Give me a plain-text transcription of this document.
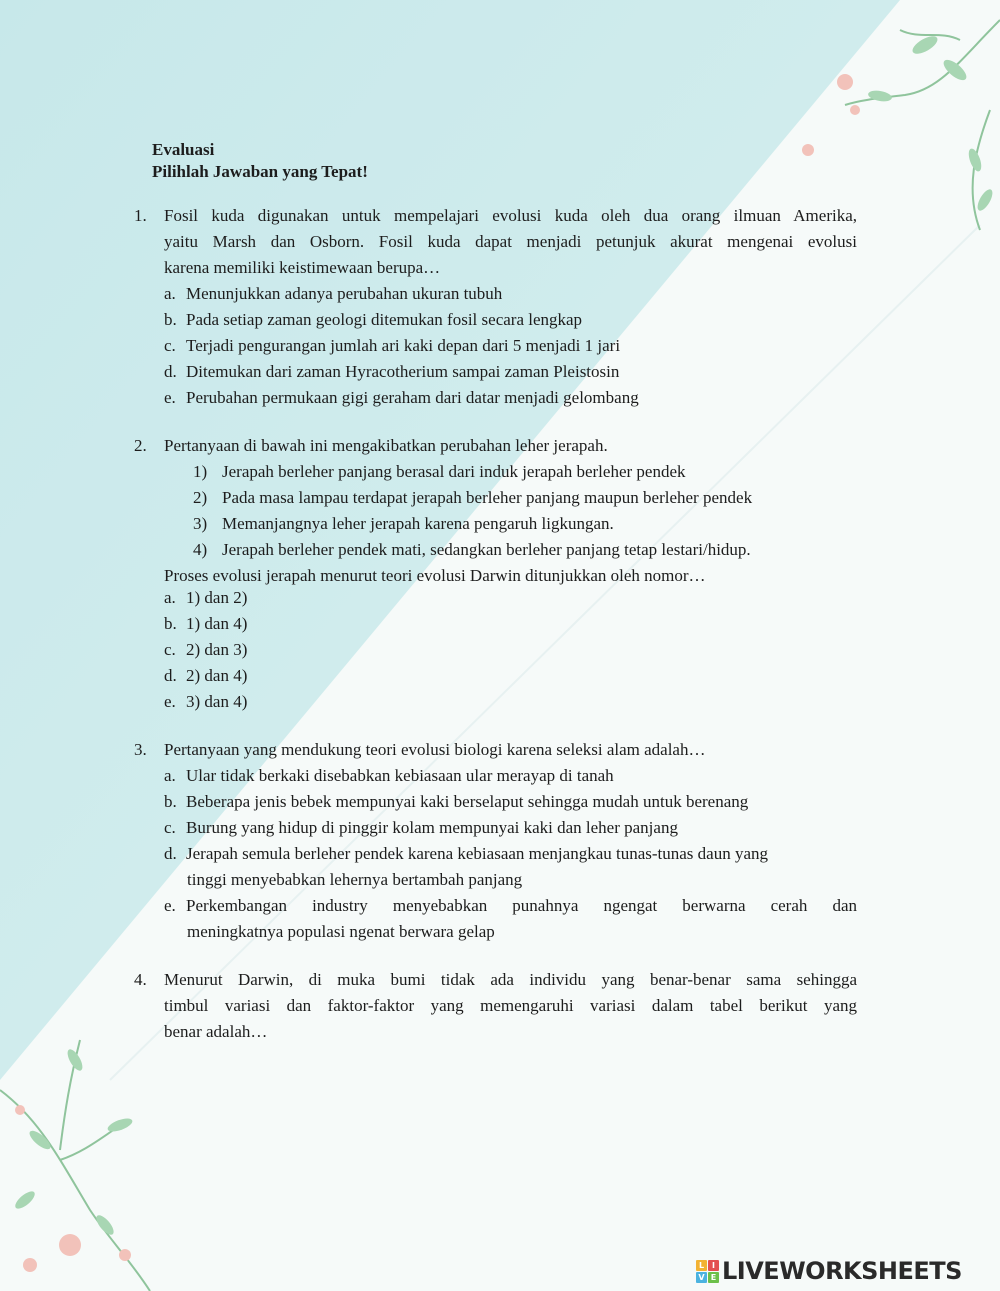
Evaluasi
Pilihlah Jawaban yang Tepat!
1. Fosil kuda digunakan untuk mempelajari evolusi kuda oleh dua orang ilmuan Amerika,
yaitu Marsh dan Osborn. Fosil kuda dapat menjadi petunjuk akurat mengenai evolusi
karena memiliki keistimewaan berupa…
a. Menunjukkan adanya perubahan ukuran tubuh
b. Pada setiap zaman geologi ditemukan fosil secara lengkap
c. Terjadi pengurangan jumlah ari kaki depan dari 5 menjadi 1 jari
d. Ditemukan dari zaman Hyracotherium sampai zaman Pleistosin
e. Perubahan permukaan gigi geraham dari datar menjadi gelombang
2. Pertanyaan di bawah ini mengakibatkan perubahan leher jerapah.
1) Jerapah berleher panjang berasal dari induk jerapah berleher pendek
2) Pada masa lampau terdapat jerapah berleher panjang maupun berleher pendek
3) Memanjangnya leher jerapah karena pengaruh ligkungan.
4) Jerapah berleher pendek mati, sedangkan berleher panjang tetap lestari/hidup.
Proses evolusi jerapah menurut teori evolusi Darwin ditunjukkan oleh nomor…
a. 1) dan 2)
b. 1) dan 4)
c. 2) dan 3)
d. 2) dan 4)
e. 3) dan 4)
3. Pertanyaan yang mendukung teori evolusi biologi karena seleksi alam adalah…
a. Ular tidak berkaki disebabkan kebiasaan ular merayap di tanah
b. Beberapa jenis bebek mempunyai kaki berselaput sehingga mudah untuk berenang
c. Burung yang hidup di pinggir kolam mempunyai kaki dan leher panjang
d. Jerapah semula berleher pendek karena kebiasaan menjangkau tunas-tunas daun yang
tinggi menyebabkan lehernya bertambah panjang
e. Perkembangan industry menyebabkan punahnya ngengat berwarna cerah dan
meningkatnya populasi ngenat berwara gelap
4. Menurut Darwin, di muka bumi tidak ada individu yang benar-benar sama sehingga
timbul variasi dan faktor-faktor yang memengaruhi variasi dalam tabel berikut yang
benar adalah…
L I
V E LIVEWORKSHEETS
